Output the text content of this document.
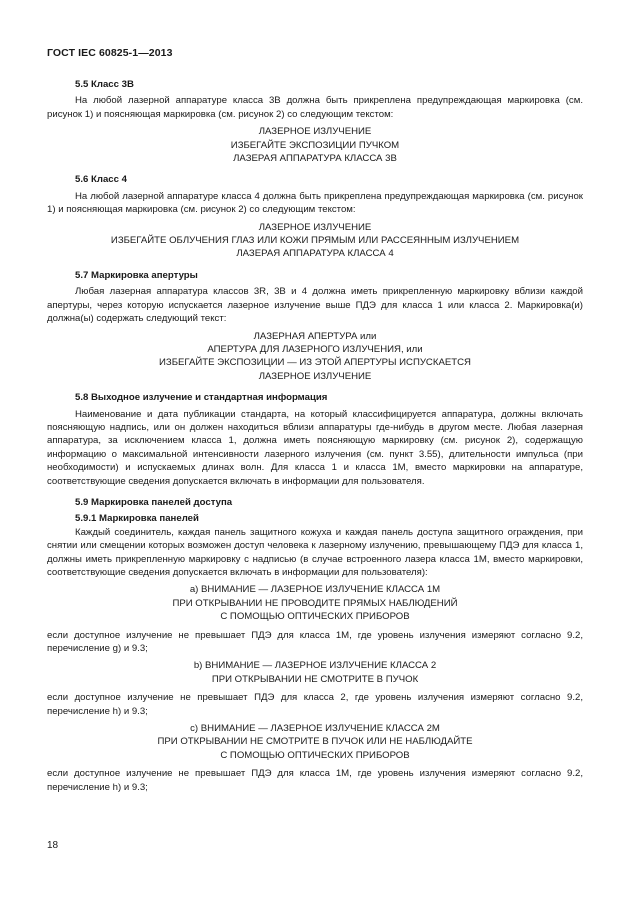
ГОСТ IEC 60825-1—2013
5.5 Класс 3В

На любой лазерной аппаратуре класса 3В должна быть прикреплена предупреждающая маркировка (см. рисунок 1) и поясняющая маркировка (см. рисунок 2) со следующим текстом:

ЛАЗЕРНОЕ ИЗЛУЧЕНИЕ
ИЗБЕГАЙТЕ ЭКСПОЗИЦИИ ПУЧКОМ
ЛАЗЕРАЯ АППАРАТУРА КЛАССА 3В
5.6 Класс 4

На любой лазерной аппаратуре класса 4 должна быть прикреплена предупреждающая маркировка (см. рисунок 1) и поясняющая маркировка (см. рисунок 2) со следующим текстом:

ЛАЗЕРНОЕ ИЗЛУЧЕНИЕ
ИЗБЕГАЙТЕ ОБЛУЧЕНИЯ ГЛАЗ ИЛИ КОЖИ ПРЯМЫМ ИЛИ РАССЕЯННЫМ ИЗЛУЧЕНИЕМ
ЛАЗЕРАЯ АППАРАТУРА КЛАССА 4
5.7 Маркировка апертуры

Любая лазерная аппаратура классов 3R, 3В и 4 должна иметь прикрепленную маркировку вблизи каждой апертуры, через которую испускается лазерное излучение выше ПДЭ для класса 1 или класса 2. Маркировка(и) должна(ы) содержать следующий текст:

ЛАЗЕРНАЯ АПЕРТУРА или
АПЕРТУРА ДЛЯ ЛАЗЕРНОГО ИЗЛУЧЕНИЯ, или
ИЗБЕГАЙТЕ ЭКСПОЗИЦИИ — ИЗ ЭТОЙ АПЕРТУРЫ ИСПУСКАЕТСЯ
ЛАЗЕРНОЕ ИЗЛУЧЕНИЕ
5.8 Выходное излучение и стандартная информация

Наименование и дата публикации стандарта, на который классифицируется аппаратура, должны включать поясняющую надпись, или он должен находиться вблизи аппаратуры где-нибудь в другом месте. Любая лазерная аппаратура, за исключением класса 1, должна иметь поясняющую маркировку (см. рисунок 2), содержащую информацию о максимальной интенсивности лазерного излучения (см. пункт 3.55), длительности импульса (при необходимости) и испускаемых длинах волн. Для класса 1 и класса 1М, вместо маркировки на аппаратуре, соответствующие сведения допускается включать в информации для пользователя.

5.9 Маркировка панелей доступа
5.9.1 Маркировка панелей

Каждый соединитель, каждая панель защитного кожуха и каждая панель доступа защитного ограждения, при снятии или смещении которых возможен доступ человека к лазерному излучению, превышающему ПДЭ для класса 1, должны иметь прикрепленную маркировку с надписью (в случае встроенного лазера класса 1М, вместо маркировки, соответствующие сведения допускается включать в информации для пользователя):

а) ВНИМАНИЕ — ЛАЗЕРНОЕ ИЗЛУЧЕНИЕ КЛАССА 1М
ПРИ ОТКРЫВАНИИ НЕ ПРОВОДИТЕ ПРЯМЫХ НАБЛЮДЕНИЙ
С ПОМОЩЬЮ ОПТИЧЕСКИХ ПРИБОРОВ

если доступное излучение не превышает ПДЭ для класса 1М, где уровень излучения измеряют согласно 9.2, перечисление g) и 9.3;

b) ВНИМАНИЕ — ЛАЗЕРНОЕ ИЗЛУЧЕНИЕ КЛАССА 2
ПРИ ОТКРЫВАНИИ НЕ СМОТРИТЕ В ПУЧОК

если доступное излучение не превышает ПДЭ для класса 2, где уровень излучения измеряют согласно 9.2, перечисление h) и 9.3;

с) ВНИМАНИЕ — ЛАЗЕРНОЕ ИЗЛУЧЕНИЕ КЛАССА 2М
ПРИ ОТКРЫВАНИИ НЕ СМОТРИТЕ В ПУЧОК ИЛИ НЕ НАБЛЮДАЙТЕ
С ПОМОЩЬЮ ОПТИЧЕСКИХ ПРИБОРОВ

если доступное излучение не превышает ПДЭ для класса 1М, где уровень излучения измеряют согласно 9.2, перечисление h) и 9.3;

18
